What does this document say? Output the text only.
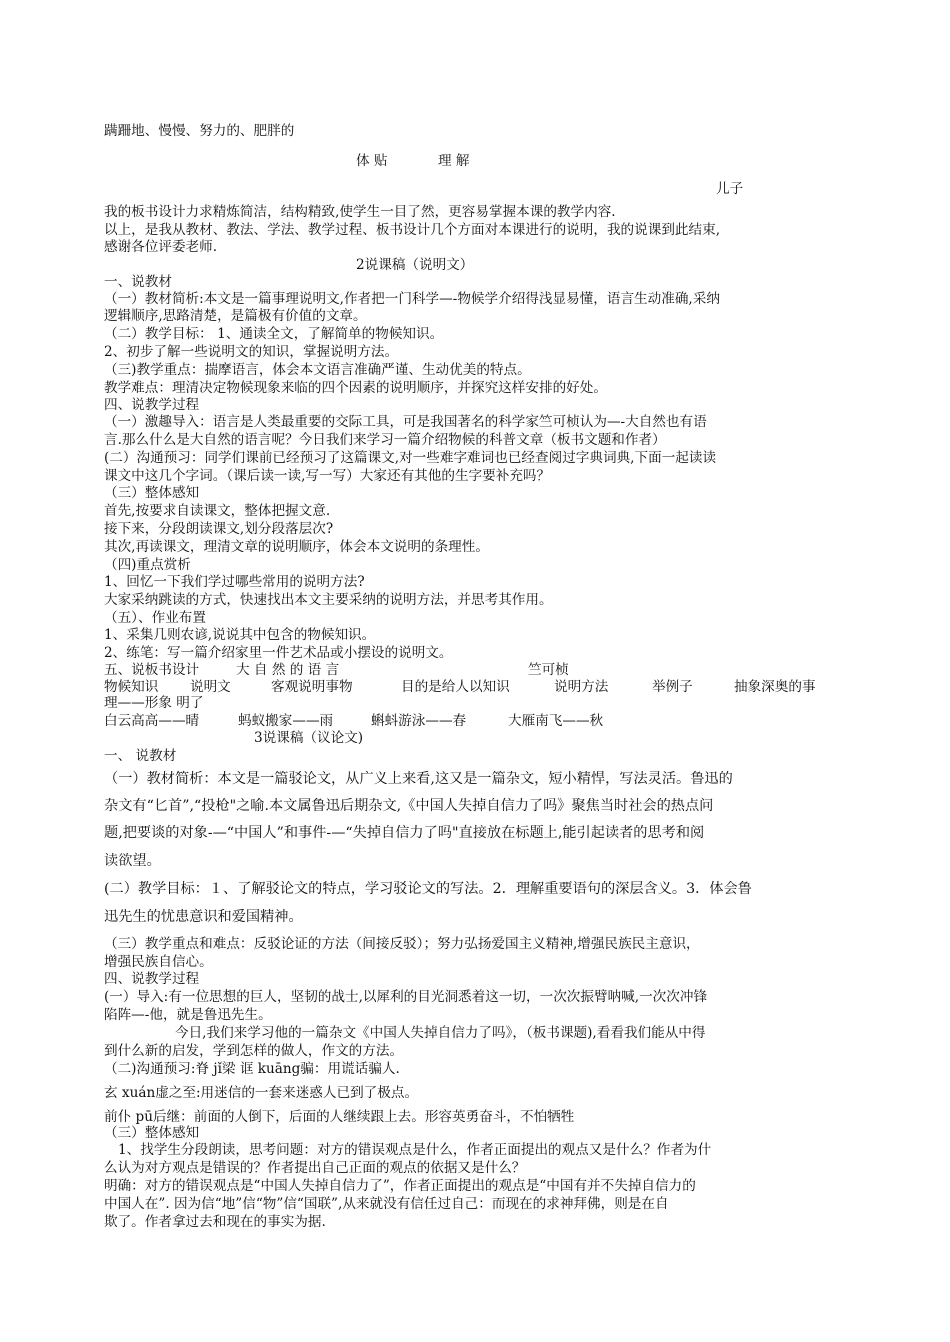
蹒跚地、慢慢、努力的、肥胖的
体 贴	理 解
儿子
我的板书设计力求精炼简洁，结构精致,使学生一目了然，更容易掌握本课的教学内容.
以上，是我从教材、教法、学法、教学过程、板书设计几个方面对本课进行的说明，我的说课到此结束,
感谢各位评委老师.
2说课稿（说明文）
一、说教材
（一）教材简析:本文是一篇事理说明文,作者把一门科学—-物候学介绍得浅显易懂，语言生动准确,采纳
逻辑顺序,思路清楚，是篇极有价值的文章。
（二）教学目标： 1、通读全文，了解简单的物候知识。
2、初步了解一些说明文的知识，掌握说明方法。
（三)教学重点：揣摩语言，体会本文语言准确严谨、生动优美的特点。
教学难点：理清决定物候现象来临的四个因素的说明顺序，并探究这样安排的好处。
四、说教学过程
（一）激趣导入：语言是人类最重要的交际工具，可是我国著名的科学家竺可桢认为—-大自然也有语
言.那么什么是大自然的语言呢？今日我们来学习一篇介绍物候的科普文章（板书文题和作者）
(二）沟通预习：同学们课前已经预习了这篇课文,对一些难字难词也已经查阅过字典词典,下面一起读读
课文中这几个字词。（课后读一读,写一写）大家还有其他的生字要补充吗？
（三）整体感知
首先,按要求自读课文，整体把握文意.
接下来，分段朗读课文,划分段落层次?
其次,再读课文，理清文章的说明顺序，体会本文说明的条理性。
（四)重点赏析
1、回忆一下我们学过哪些常用的说明方法?
大家采纳跳读的方式，快速找出本文主要采纳的说明方法，并思考其作用。
（五）、作业布置
1、采集几则农谚,说说其中包含的物候知识。
2、练笔：写一篇介绍家里一件艺术品或小摆设的说明文。
五、说板书设计	大 自 然 的 语 言	竺可桢
物候知识 说明文	客观说明事物	目的是给人以知识	说明方法	举例子	抽象深奥的事
理——形象 明了
白云高高——晴	蚂蚁搬家——雨	蝌蚪游泳——春	大雁南飞——秋
3说课稿（议论文)
一、 说教材
（一）教材简析：本文是一篇驳论文，从广义上来看,这又是一篇杂文，短小精悍，写法灵活。鲁迅的
杂文有“匕首”,“投枪"之喻.本文属鲁迅后期杂文,《中国人失掉自信力了吗》聚焦当时社会的热点问
题,把要谈的对象-—“中国人”和事件-—“失掉自信力了吗"直接放在标题上,能引起读者的思考和阅
读欲望。
(二）教学目标：１、了解驳论文的特点，学习驳论文的写法。2．理解重要语句的深层含义。3．体会鲁
迅先生的忧患意识和爱国精神。
（三）教学重点和难点：反驳论证的方法（间接反驳）；努力弘扬爱国主义精神,增强民族民主意识，
增强民族自信心。
四、说教学过程
(一）导入:有一位思想的巨人，坚韧的战士,以犀利的目光洞悉着这一切，一次次振臂呐喊,一次次冲锋
陷阵—-他，就是鲁迅先生。
今日,我们来学习他的一篇杂文《中国人失掉自信力了吗》，（板书课题),看看我们能从中得
到什么新的启发，学到怎样的做人，作文的方法。
（二)沟通预习:脊 jǐ梁 诓 kuāng骗：用谎话骗人.
玄 xuán虚之至:用迷信的一套来迷惑人已到了极点。
前仆 pū后继：前面的人倒下，后面的人继续跟上去。形容英勇奋斗，不怕牺牲
（三）整体感知
1、找学生分段朗读，思考问题：对方的错误观点是什么，作者正面提出的观点又是什么？作者为什
么认为对方观点是错误的？作者提出自己正面的观点的依据又是什么？
明确：对方的错误观点是“中国人失掉自信力了”，作者正面提出的观点是“中国有并不失掉自信力的
中国人在”. 因为信“地”信“物”信“国联”,从来就没有信任过自己：而现在的求神拜佛，则是在自
欺了。作者拿过去和现在的事实为据.
